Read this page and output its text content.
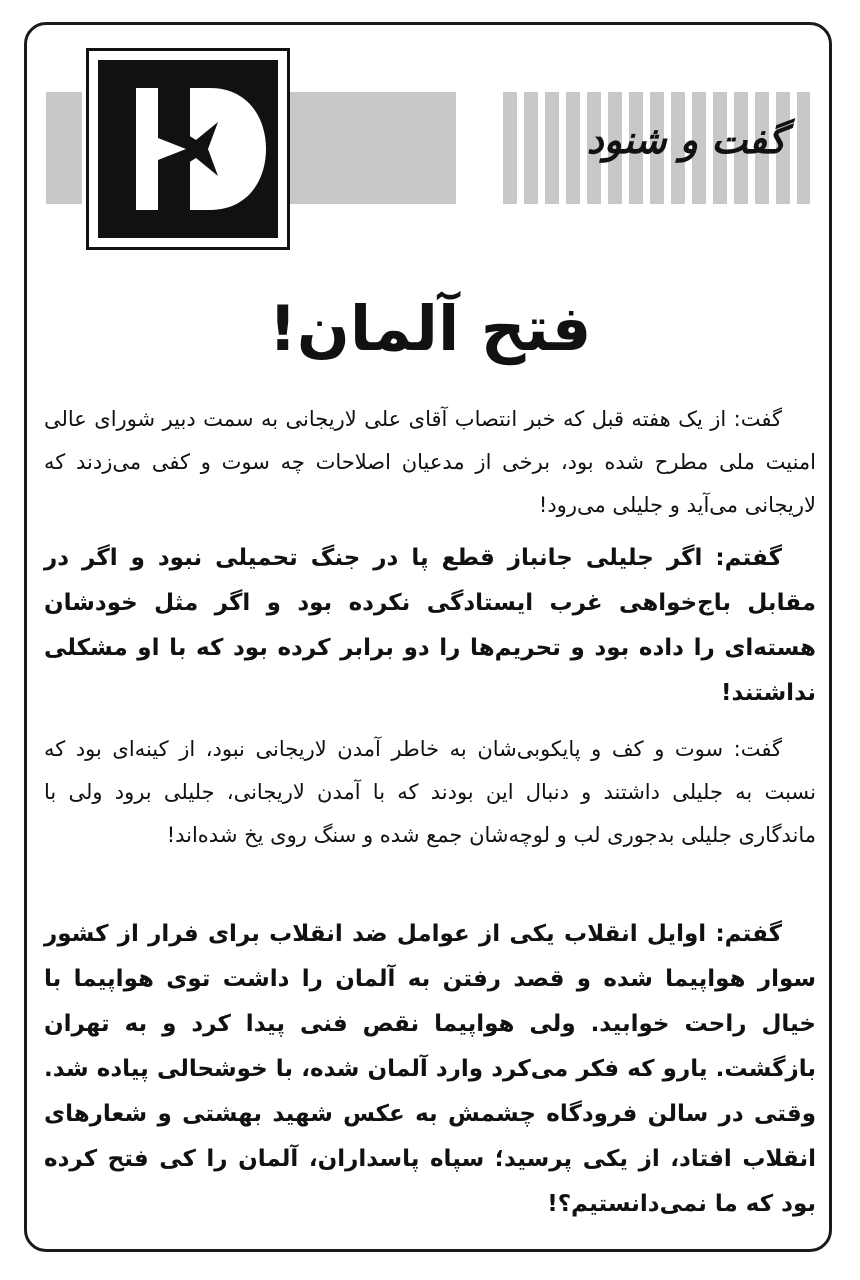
گفت و شنود
فتح آلمان!

گفت: از یک هفته قبل که خبر انتصاب آقای علی لاریجانی به سمت دبیر شورای عالی امنیت ملی مطرح شده بود، برخی از مدعیان اصلاحات چه سوت و کفی می‌زدند که لاریجانی می‌آید و جلیلی می‌رود!

گفتم: اگر جلیلی جانباز قطع پا در جنگ تحمیلی نبود و اگر در مقابل باج‌خواهی غرب ایستادگی نکرده بود و اگر مثل خودشان هسته‌ای را داده بود و تحریم‌ها را دو برابر کرده بود که با او مشکلی نداشتند!

گفت: سوت و کف و پایکوبی‌شان به خاطر آمدن لاریجانی نبود، از کینه‌ای بود که نسبت به جلیلی داشتند و دنبال این بودند که با آمدن لاریجانی، جلیلی برود ولی با ماندگاری جلیلی بدجوری لب و لوچه‌شان جمع شده و سنگ روی یخ شده‌اند!

گفتم: اوایل انقلاب یکی از عوامل ضد انقلاب برای فرار از کشور سوار هواپیما شده و قصد رفتن به آلمان را داشت توی هواپیما با خیال راحت خوابید. ولی هواپیما نقص فنی پیدا کرد و به تهران بازگشت. یارو که فکر می‌کرد وارد آلمان شده، با خوشحالی پیاده شد. وقتی در سالن فرودگاه چشمش به عکس شهید بهشتی و شعارهای انقلاب افتاد، از یکی پرسید؛ سپاه پاسداران، آلمان را کی فتح کرده بود که ما نمی‌دانستیم؟!
